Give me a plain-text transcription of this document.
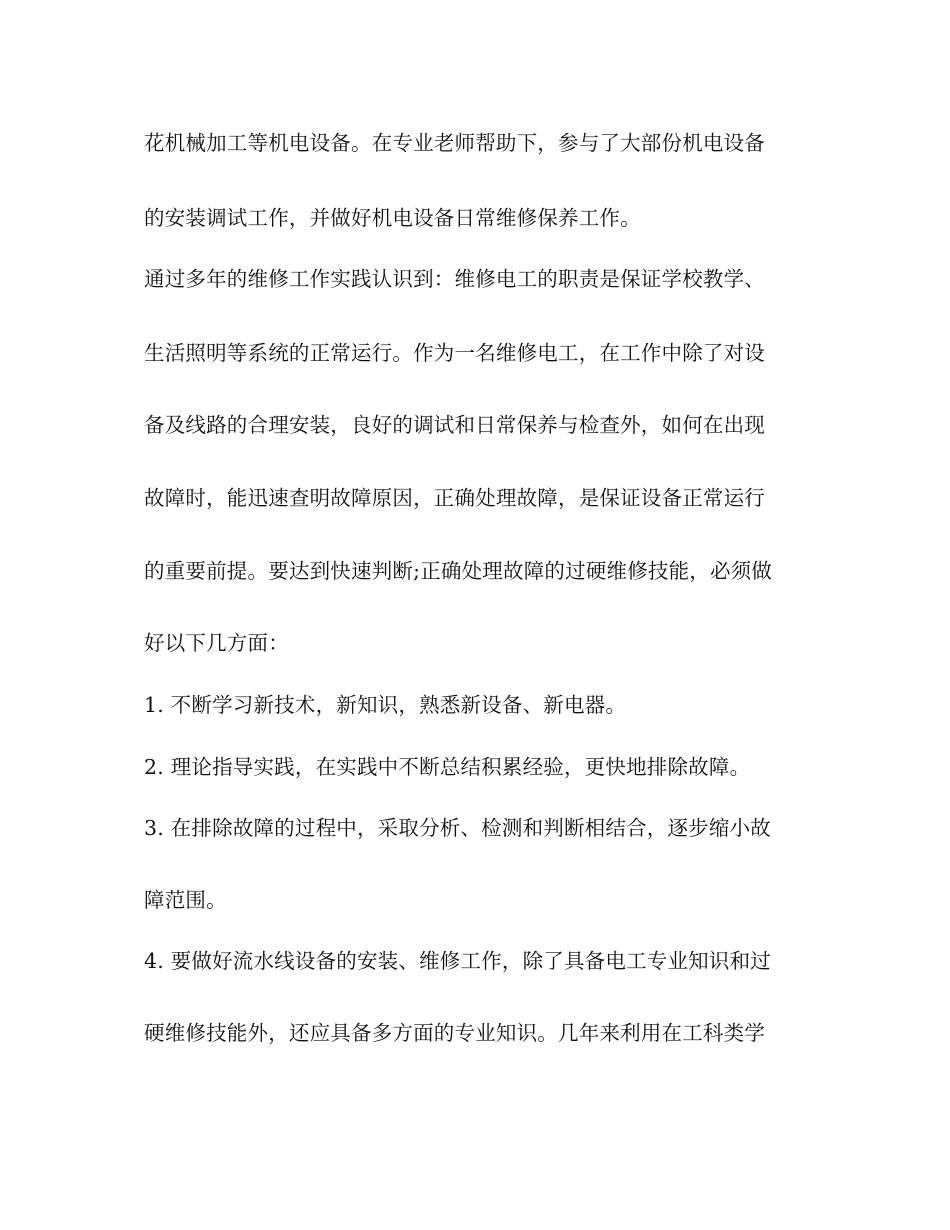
花机械加工等机电设备。在专业老师帮助下，参与了大部份机电设备
的安装调试工作，并做好机电设备日常维修保养工作。
通过多年的维修工作实践认识到：维修电工的职责是保证学校教学、
生活照明等系统的正常运行。作为一名维修电工，在工作中除了对设
备及线路的合理安装，良好的调试和日常保养与检查外，如何在出现
故障时，能迅速查明故障原因，正确处理故障，是保证设备正常运行
的重要前提。要达到快速判断;正确处理故障的过硬维修技能，必须做
好以下几方面：
1. 不断学习新技术，新知识，熟悉新设备、新电器。
2. 理论指导实践，在实践中不断总结积累经验，更快地排除故障。
3. 在排除故障的过程中，采取分析、检测和判断相结合，逐步缩小故
障范围。
4. 要做好流水线设备的安装、维修工作，除了具备电工专业知识和过
硬维修技能外，还应具备多方面的专业知识。几年来利用在工科类学
